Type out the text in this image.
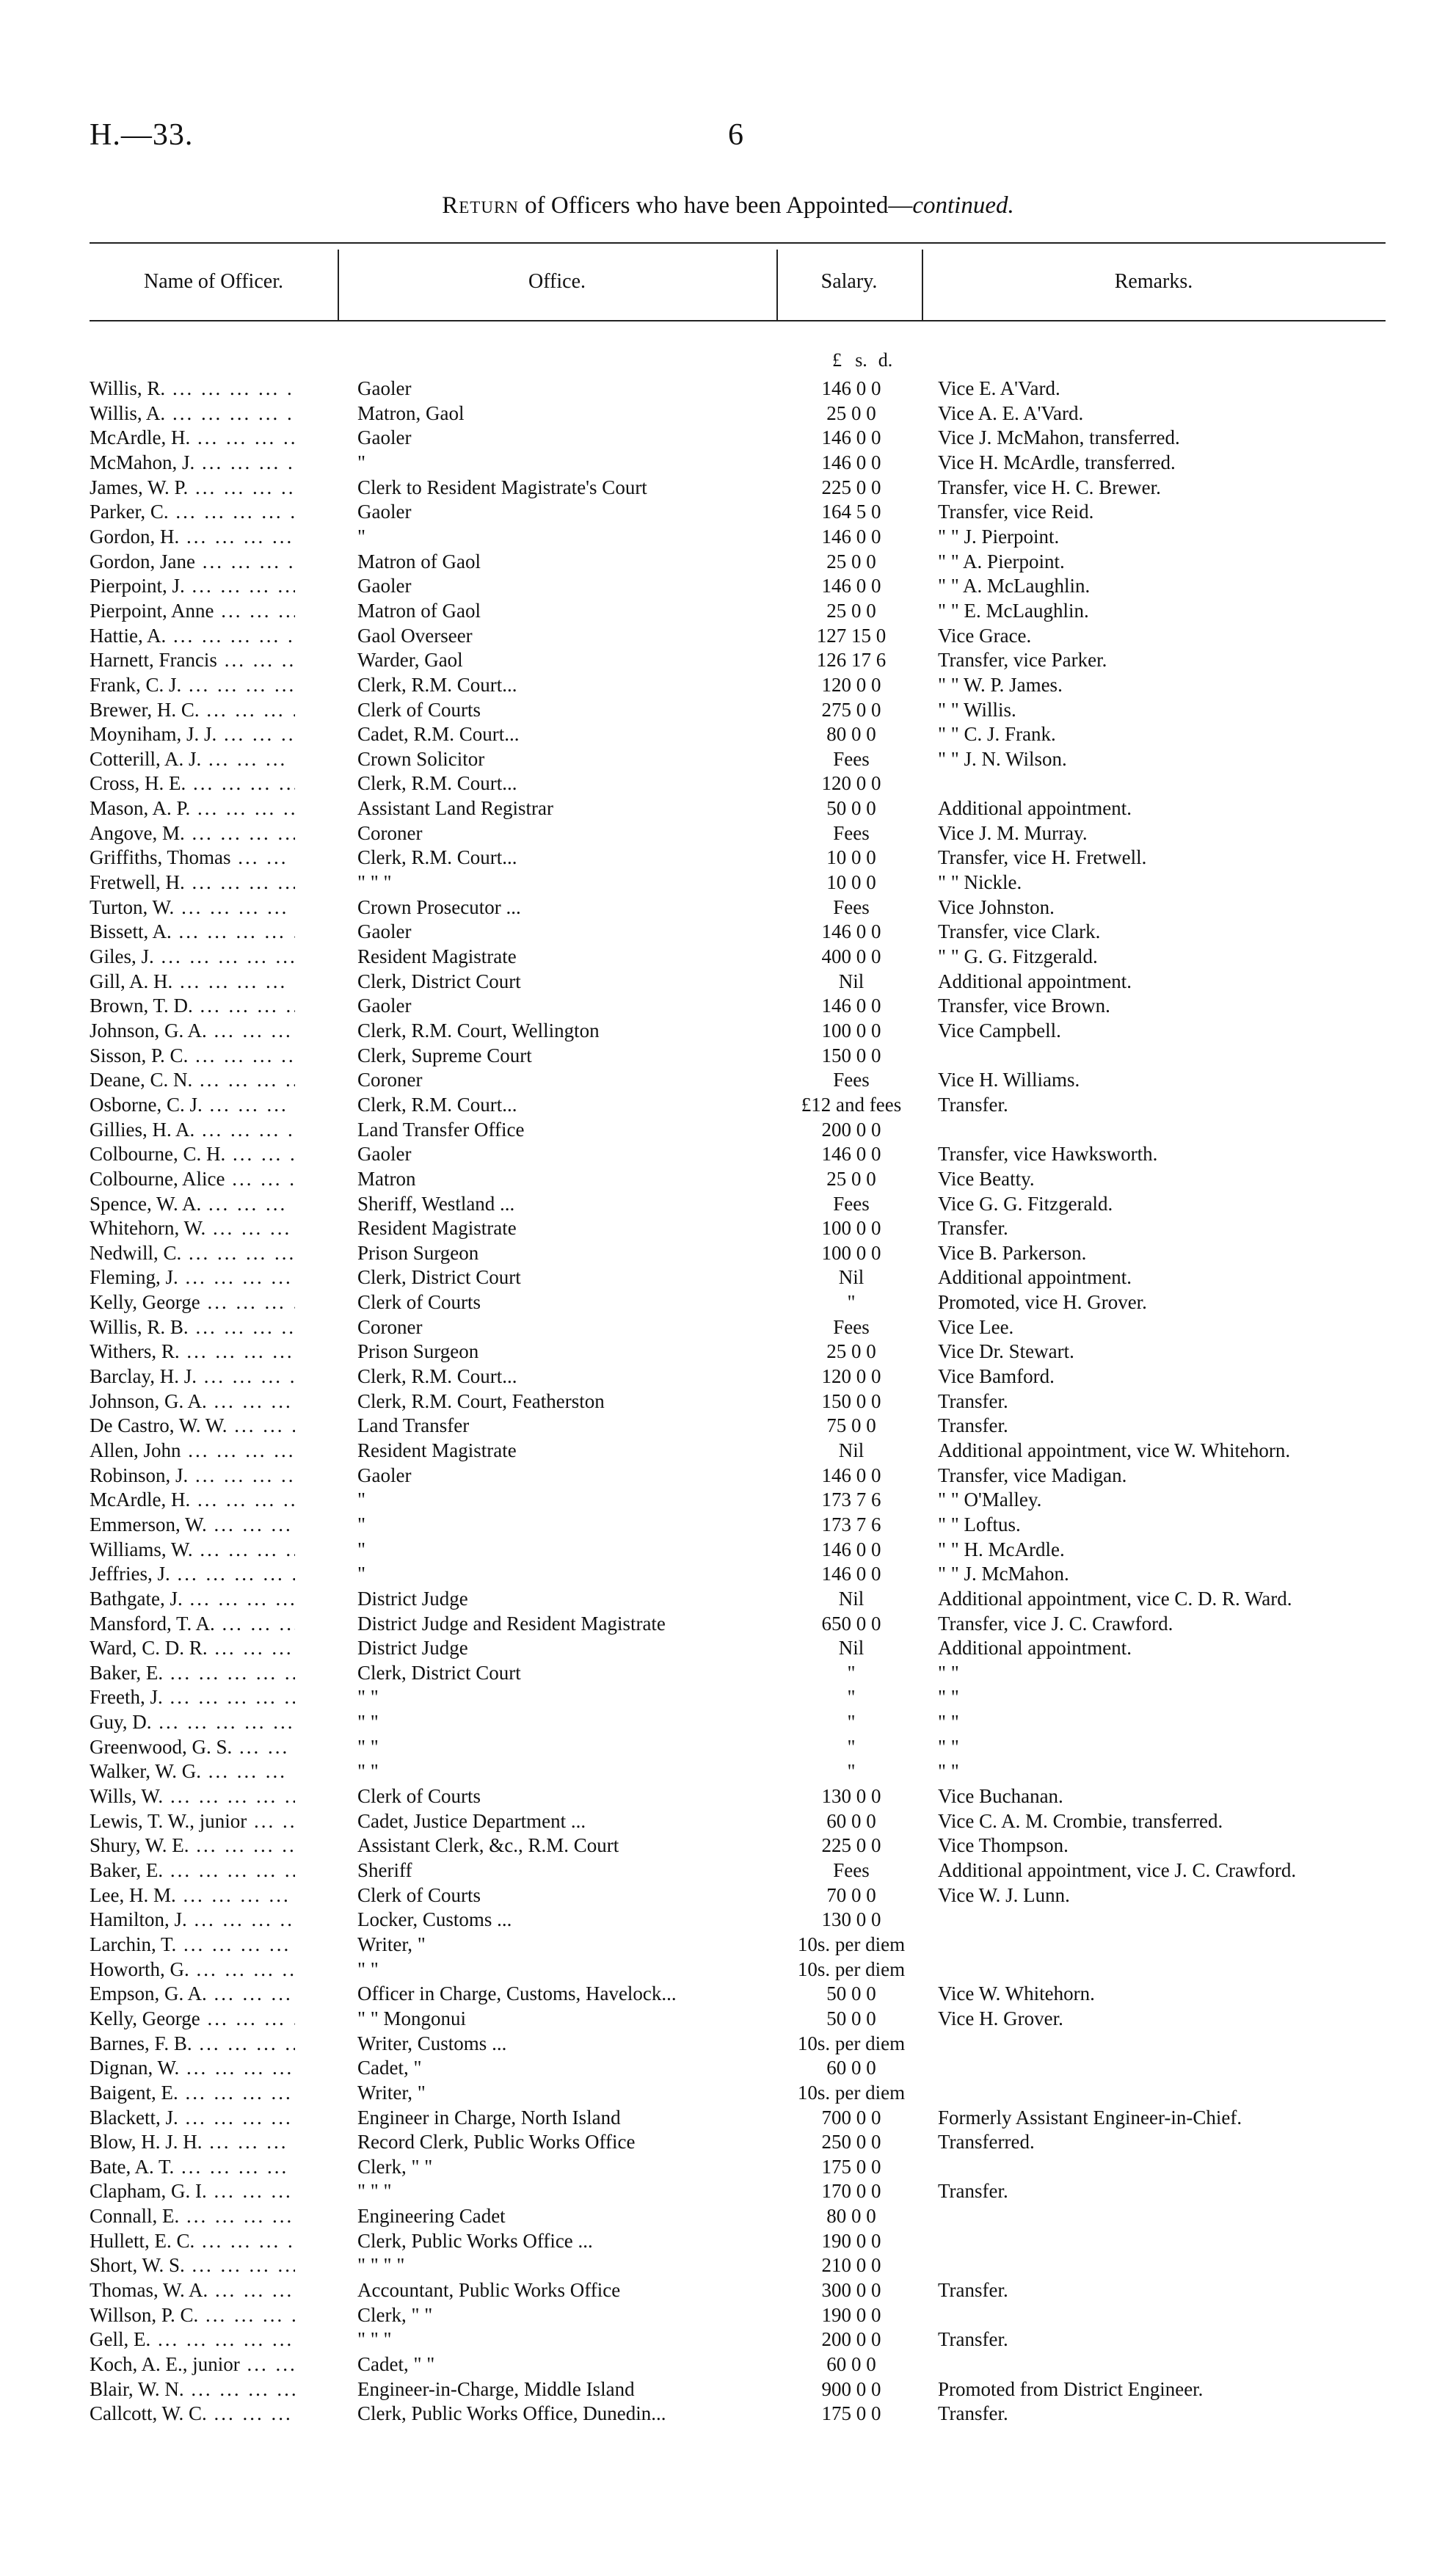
H.—33.	6
Return of Officers who have been Appointed—continued.
Name of Officer.	Office.	Salary.	Remarks.
£ s. d.
Willis, R. ...	Gaoler	146 0 0	Vice E. A'Vard.
Willis, A. ...	Matron, Gaol	25 0 0	Vice A. E. A'Vard.
McArdle, H. ...	Gaoler	146 0 0	Vice J. McMahon, transferred.
McMahon, J. ...	"	146 0 0	Vice H. McArdle, transferred.
James, W. P. ...	Clerk to Resident Magistrate's Court	225 0 0	Transfer, vice H. C. Brewer.
Parker, C. ...	Gaoler	164 5 0	Transfer, vice Reid.
Gordon, H. ...	"	146 0 0	" " J. Pierpoint.
Gordon, Jane ...	Matron of Gaol	25 0 0	" " A. Pierpoint.
Pierpoint, J. ...	Gaoler	146 0 0	" " A. McLaughlin.
Pierpoint, Anne ...	Matron of Gaol	25 0 0	" " E. McLaughlin.
Hattie, A. ...	Gaol Overseer	127 15 0	Vice Grace.
Harnett, Francis ...	Warder, Gaol	126 17 6	Transfer, vice Parker.
Frank, C. J. ...	Clerk, R.M. Court...	120 0 0	" " W. P. James.
Brewer, H. C. ...	Clerk of Courts	275 0 0	" " Willis.
Moyniham, J. J. ...	Cadet, R.M. Court...	80 0 0	" " C. J. Frank.
Cotterill, A. J. ...	Crown Solicitor	Fees	" " J. N. Wilson.
Cross, H. E. ...	Clerk, R.M. Court...	120 0 0
Mason, A. P. ...	Assistant Land Registrar	50 0 0	Additional appointment.
Angove, M. ...	Coroner	Fees	Vice J. M. Murray.
Griffiths, Thomas ...	Clerk, R.M. Court...	10 0 0	Transfer, vice H. Fretwell.
Fretwell, H. ...	" " "	10 0 0	" " Nickle.
Turton, W. ...	Crown Prosecutor ...	Fees	Vice Johnston.
Bissett, A. ...	Gaoler	146 0 0	Transfer, vice Clark.
Giles, J. ...	Resident Magistrate	400 0 0	" " G. G. Fitzgerald.
Gill, A. H. ...	Clerk, District Court	Nil	Additional appointment.
Brown, T. D. ...	Gaoler	146 0 0	Transfer, vice Brown.
Johnson, G. A. ...	Clerk, R.M. Court, Wellington	100 0 0	Vice Campbell.
Sisson, P. C. ...	Clerk, Supreme Court	150 0 0
Deane, C. N. ...	Coroner	Fees	Vice H. Williams.
Osborne, C. J. ...	Clerk, R.M. Court...	£12 and fees	Transfer.
Gillies, H. A. ...	Land Transfer Office	200 0 0
Colbourne, C. H. ...	Gaoler	146 0 0	Transfer, vice Hawksworth.
Colbourne, Alice ...	Matron	25 0 0	Vice Beatty.
Spence, W. A. ...	Sheriff, Westland ...	Fees	Vice G. G. Fitzgerald.
Whitehorn, W. ...	Resident Magistrate	100 0 0	Transfer.
Nedwill, C. ...	Prison Surgeon	100 0 0	Vice B. Parkerson.
Fleming, J. ...	Clerk, District Court	Nil	Additional appointment.
Kelly, George ...	Clerk of Courts	"	Promoted, vice H. Grover.
Willis, R. B. ...	Coroner	Fees	Vice Lee.
Withers, R. ...	Prison Surgeon	25 0 0	Vice Dr. Stewart.
Barclay, H. J. ...	Clerk, R.M. Court...	120 0 0	Vice Bamford.
Johnson, G. A. ...	Clerk, R.M. Court, Featherston	150 0 0	Transfer.
De Castro, W. W. ...	Land Transfer	75 0 0	Transfer.
Allen, John ...	Resident Magistrate	Nil	Additional appointment, vice W. Whitehorn.
Robinson, J. ...	Gaoler	146 0 0	Transfer, vice Madigan.
McArdle, H. ...	"	173 7 6	" " O'Malley.
Emmerson, W. ...	"	173 7 6	" " Loftus.
Williams, W. ...	"	146 0 0	" " H. McArdle.
Jeffries, J. ...	"	146 0 0	" " J. McMahon.
Bathgate, J. ...	District Judge	Nil	Additional appointment, vice C. D. R. Ward.
Mansford, T. A. ...	District Judge and Resident Magistrate	650 0 0	Transfer, vice J. C. Crawford.
Ward, C. D. R. ...	District Judge	Nil	Additional appointment.
Baker, E. ...	Clerk, District Court	"	" "
Freeth, J. ...	" "	"	" "
Guy, D. ...	" "	"	" "
Greenwood, G. S. ...	" "	"	" "
Walker, W. G. ...	" "	"	" "
Wills, W. ...	Clerk of Courts	130 0 0	Vice Buchanan.
Lewis, T. W., junior ...	Cadet, Justice Department ...	60 0 0	Vice C. A. M. Crombie, transferred.
Shury, W. E. ...	Assistant Clerk, &c., R.M. Court	225 0 0	Vice Thompson.
Baker, E. ...	Sheriff	Fees	Additional appointment, vice J. C. Crawford.
Lee, H. M. ...	Clerk of Courts	70 0 0	Vice W. J. Lunn.
Hamilton, J. ...	Locker, Customs ...	130 0 0
Larchin, T. ...	Writer, "	10s. per diem
Howorth, G. ...	" "	10s. per diem
Empson, G. A. ...	Officer in Charge, Customs, Havelock...	50 0 0	Vice W. Whitehorn.
Kelly, George ...	" " Mongonui	50 0 0	Vice H. Grover.
Barnes, F. B. ...	Writer, Customs ...	10s. per diem
Dignan, W. ...	Cadet, "	60 0 0
Baigent, E. ...	Writer, "	10s. per diem
Blackett, J. ...	Engineer in Charge, North Island	700 0 0	Formerly Assistant Engineer-in-Chief.
Blow, H. J. H. ...	Record Clerk, Public Works Office	250 0 0	Transferred.
Bate, A. T. ...	Clerk, " "	175 0 0
Clapham, G. I. ...	" " "	170 0 0	Transfer.
Connall, E. ...	Engineering Cadet	80 0 0
Hullett, E. C. ...	Clerk, Public Works Office ...	190 0 0
Short, W. S. ...	" " " "	210 0 0
Thomas, W. A. ...	Accountant, Public Works Office	300 0 0	Transfer.
Willson, P. C. ...	Clerk, " "	190 0 0
Gell, E. ...	" " "	200 0 0	Transfer.
Koch, A. E., junior ...	Cadet, " "	60 0 0
Blair, W. N. ...	Engineer-in-Charge, Middle Island	900 0 0	Promoted from District Engineer.
Callcott, W. C. ...	Clerk, Public Works Office, Dunedin...	175 0 0	Transfer.
